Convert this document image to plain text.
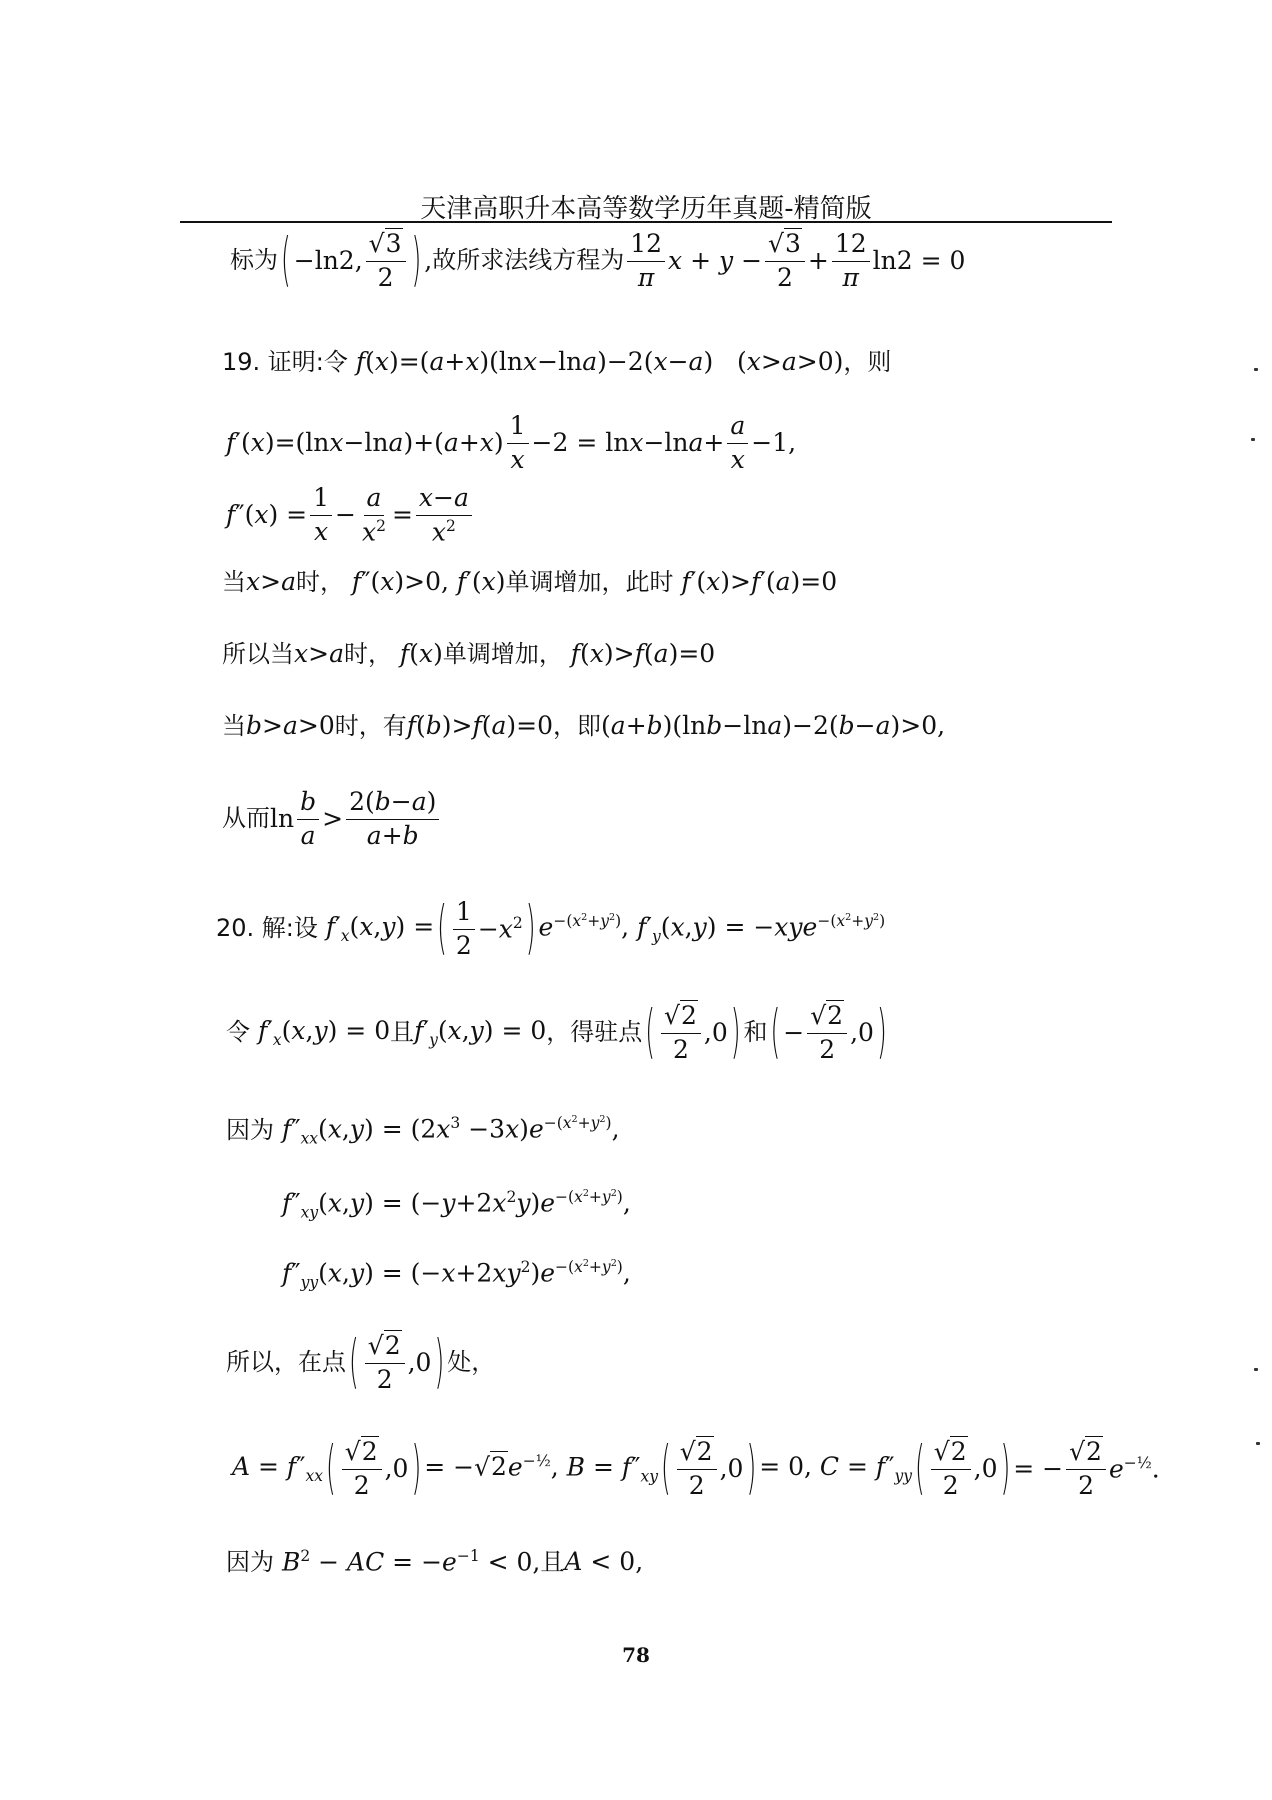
天津高职升本高等数学历年真题-精简版
标为 ( −ln2, $\frac{√3}{2}$ ) , 故所求法线方程为 $\frac{12}{\pi}$ $x + y - \frac{√3}{2} + \frac{12}{\pi} \ln 2 = 0$
19. 证明:令 f(x)=(a+x)(lnx−lna)−2(x−a)   (x>a>0) ，则
$f'(x)=(\ln x-\ln a)+(a+x) \frac{1}{x} -2 = \ln x-\ln a+ \frac{a}{x} -1$,
$f''(x) = \frac{1}{x} - \frac{a}{x^2} = \frac{x-a}{x^2}$
当 x>a 时， f″(x)>0, f′(x) 单调增加，此时 f′(x)>f′(a)=0
所以当 x>a 时， f(x) 单调增加， f(x)>f(a)=0
当 b>a>0 时，有 f(b)>f(a)=0 ，即 (a+b)(lnb−lna)−2(b−a)>0,
从而 $\ln \frac{b}{a} > \frac{2(b-a)}{a+b}$
20. 解:设 $f'_x(x,y)$ = ( $\frac{1}{2} -x^2$ ) $e^{-(x^2+y^2)}$, $f'_y(x,y) = -xye^{-(x^2+y^2)}$
令 $f'_x(x,y) = 0$ 且 $f'_y(x,y) = 0$ ，得驻点 ( $\frac{√2}{2} ,0$ ) 和 ( − $\frac{√2}{2} ,0$ )
因为 $f''_{xx}(x,y) = (2x^3 -3x)e^{-(x^2+y^2)}$,
$f''_{xy}(x,y) = (-y+2x^2y)e^{-(x^2+y^2)}$,
$f''_{yy}(x,y) = (-x+2xy^2)e^{-(x^2+y^2)}$,
所以，在点 ( $\frac{√2}{2} ,0$ ) 处，
$A = f''_{xx}$ ( $\frac{√2}{2} ,0$ ) = $-√2e^{-\frac{1}{2}}$, $B = f''_{xy}$ ( $\frac{√2}{2} ,0$ ) = 0, $C = f''_{yy}$ ( $\frac{√2}{2} ,0$ ) = − $\frac{√2}{2} e^{-\frac{1}{2}}$.
因为 $B^2$ − AC = $-e^{-1} < 0$, 且 A < 0,
78
